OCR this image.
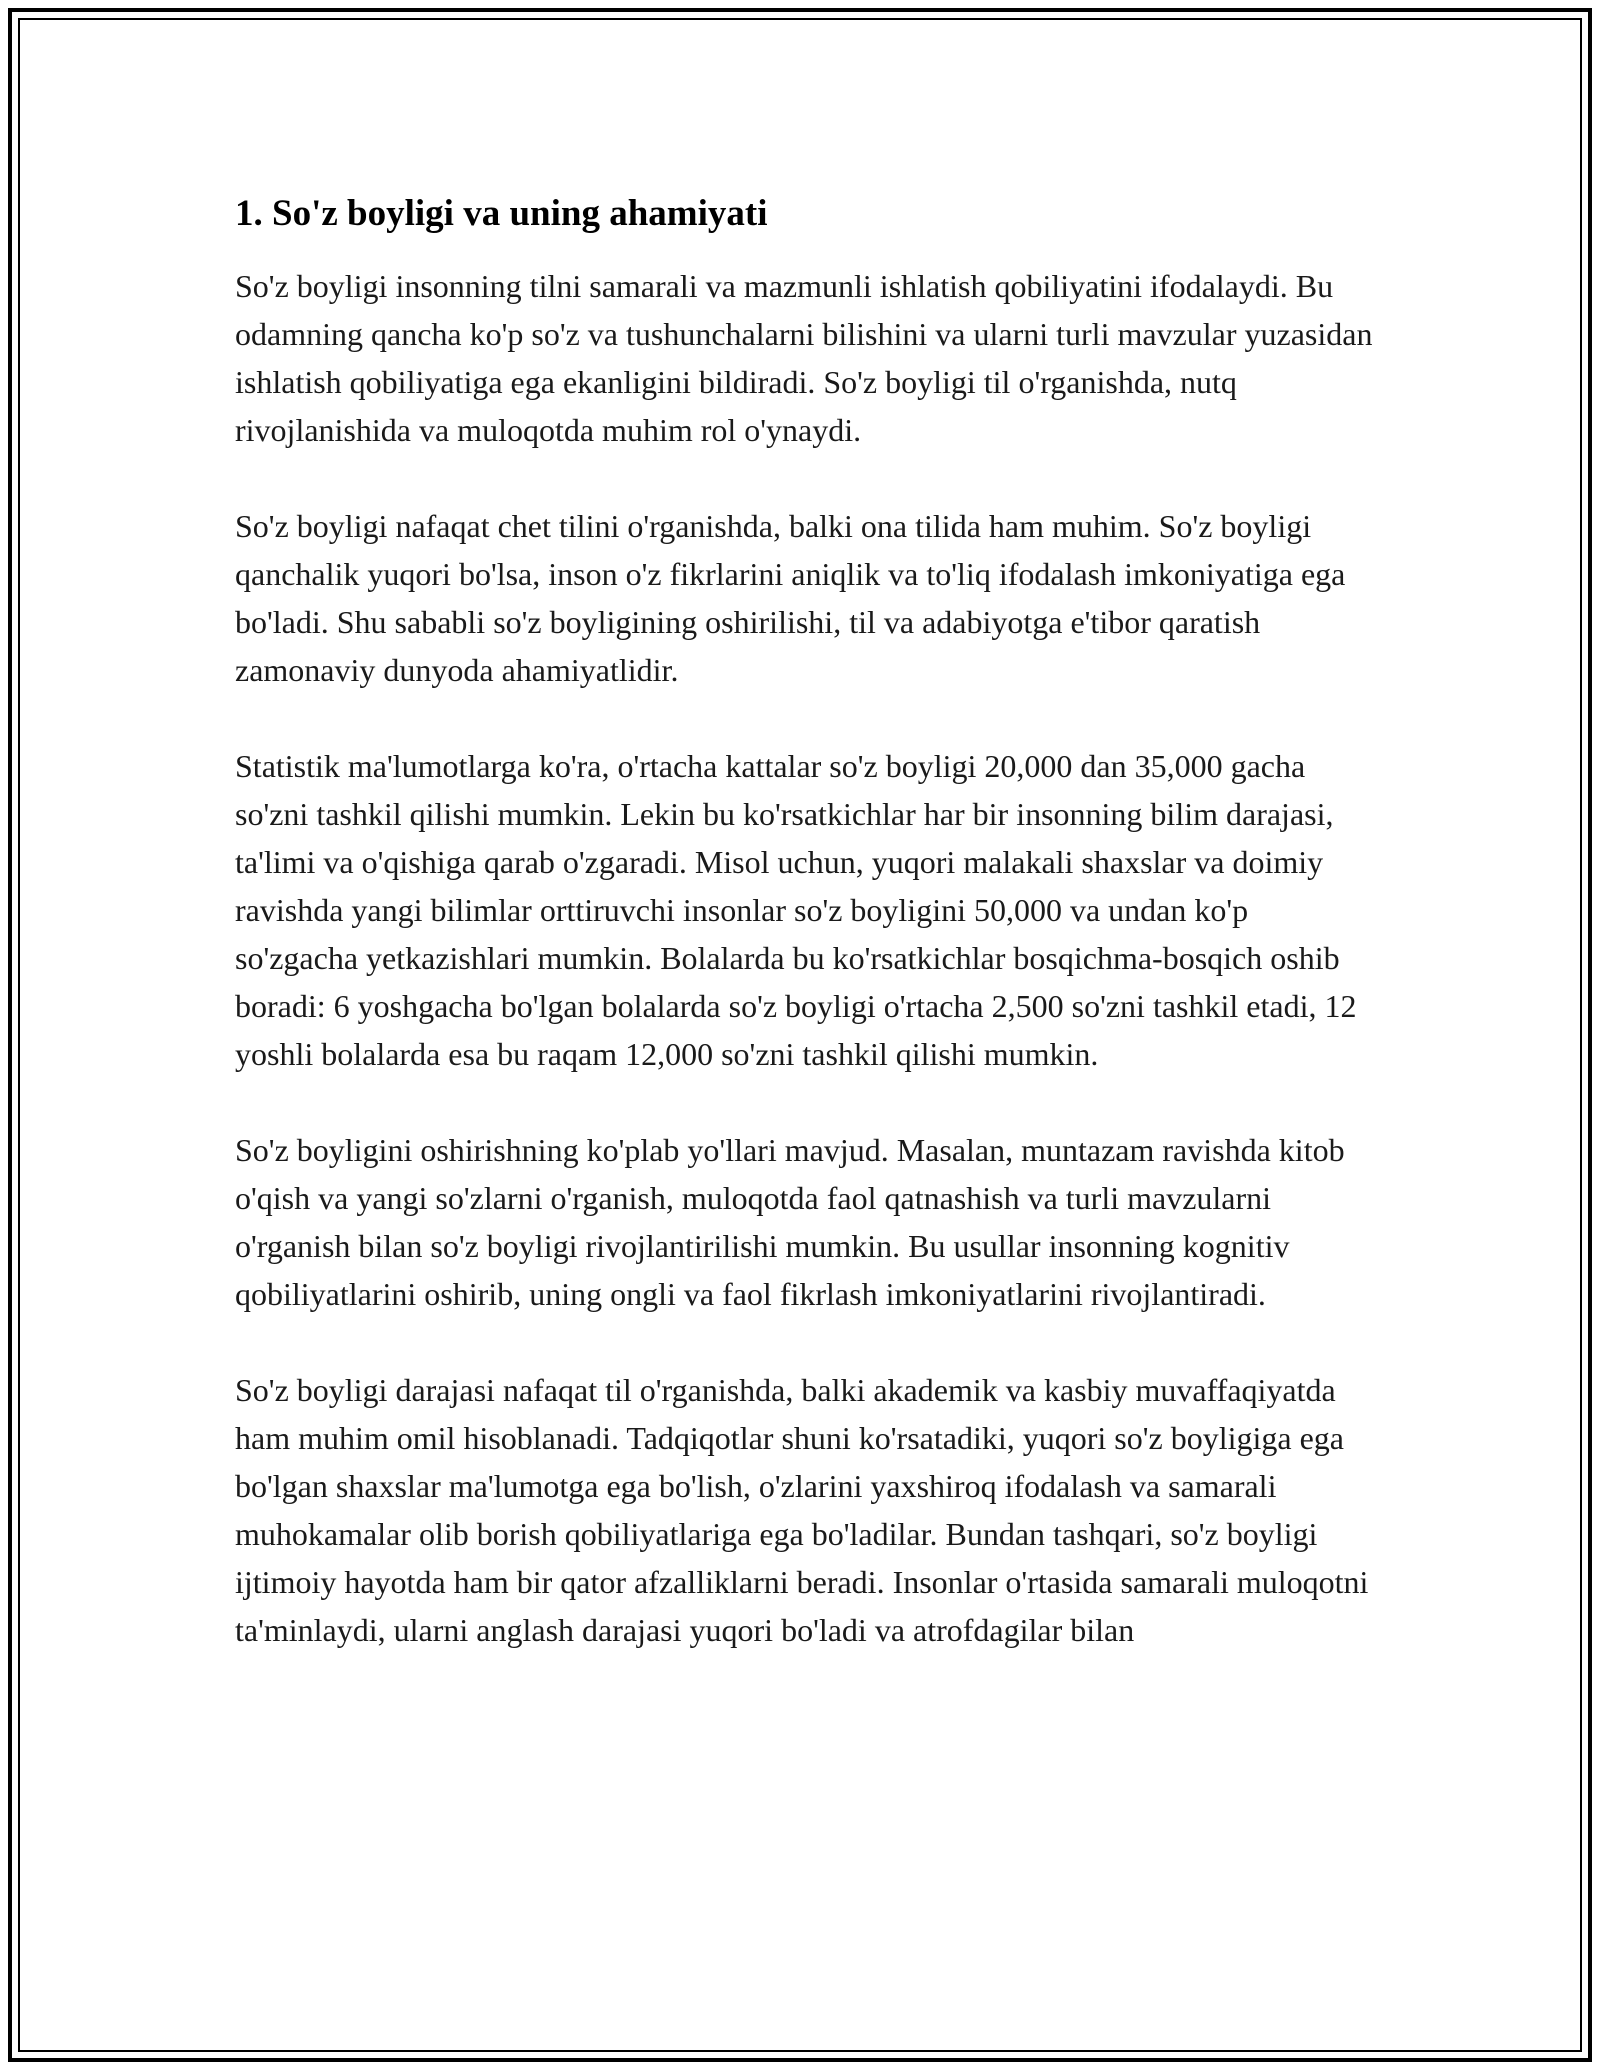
1. So'z boyligi va uning ahamiyati

So'z boyligi insonning tilni samarali va mazmunli ishlatish qobiliyatini ifodalaydi. Bu odamning qancha ko'p so'z va tushunchalarni bilishini va ularni turli mavzular yuzasidan ishlatish qobiliyatiga ega ekanligini bildiradi. So'z boyligi til o'rganishda, nutq rivojlanishida va muloqotda muhim rol o'ynaydi.

So'z boyligi nafaqat chet tilini o'rganishda, balki ona tilida ham muhim. So'z boyligi qanchalik yuqori bo'lsa, inson o'z fikrlarini aniqlik va to'liq ifodalash imkoniyatiga ega bo'ladi. Shu sababli so'z boyligining oshirilishi, til va adabiyotga e'tibor qaratish zamonaviy dunyoda ahamiyatlidir.

Statistik ma'lumotlarga ko'ra, o'rtacha kattalar so'z boyligi 20,000 dan 35,000 gacha so'zni tashkil qilishi mumkin. Lekin bu ko'rsatkichlar har bir insonning bilim darajasi, ta'limi va o'qishiga qarab o'zgaradi. Misol uchun, yuqori malakali shaxslar va doimiy ravishda yangi bilimlar orttiruvchi insonlar so'z boyligini 50,000 va undan ko'p so'zgacha yetkazishlari mumkin. Bolalarda bu ko'rsatkichlar bosqichma-bosqich oshib boradi: 6 yoshgacha bo'lgan bolalarda so'z boyligi o'rtacha 2,500 so'zni tashkil etadi, 12 yoshli bolalarda esa bu raqam 12,000 so'zni tashkil qilishi mumkin.

So'z boyligini oshirishning ko'plab yo'llari mavjud. Masalan, muntazam ravishda kitob o'qish va yangi so'zlarni o'rganish, muloqotda faol qatnashish va turli mavzularni o'rganish bilan so'z boyligi rivojlantirilishi mumkin. Bu usullar insonning kognitiv qobiliyatlarini oshirib, uning ongli va faol fikrlash imkoniyatlarini rivojlantiradi.

So'z boyligi darajasi nafaqat til o'rganishda, balki akademik va kasbiy muvaffaqiyatda ham muhim omil hisoblanadi. Tadqiqotlar shuni ko'rsatadiki, yuqori so'z boyligiga ega bo'lgan shaxslar ma'lumotga ega bo'lish, o'zlarini yaxshiroq ifodalash va samarali muhokamalar olib borish qobiliyatlariga ega bo'ladilar. Bundan tashqari, so'z boyligi ijtimoiy hayotda ham bir qator afzalliklarni beradi. Insonlar o'rtasida samarali muloqotni ta'minlaydi, ularni anglash darajasi yuqori bo'ladi va atrofdagilar bilan
